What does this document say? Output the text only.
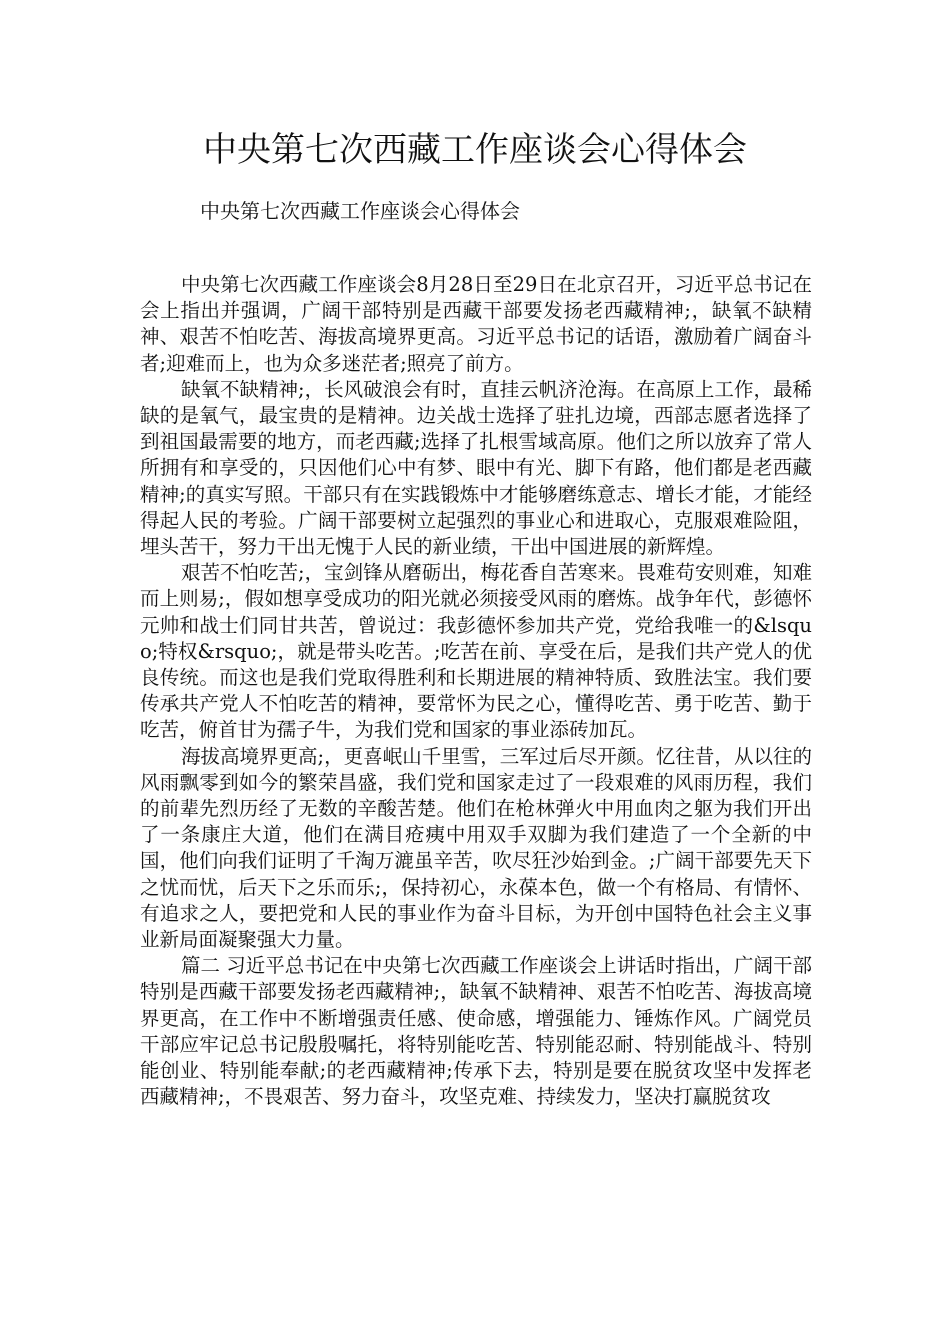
中央第七次西藏工作座谈会心得体会
中央第七次西藏工作座谈会心得体会

中央第七次西藏工作座谈会8月28日至29日在北京召开，习近平总书记在会上指出并强调，广阔干部特别是西藏干部要发扬老西藏精神;，缺氧不缺精神、艰苦不怕吃苦、海拔高境界更高。习近平总书记的话语，激励着广阔奋斗者;迎难而上，也为众多迷茫者;照亮了前方。

缺氧不缺精神;，长风破浪会有时，直挂云帆济沧海。在高原上工作，最稀缺的是氧气，最宝贵的是精神。边关战士选择了驻扎边境，西部志愿者选择了到祖国最需要的地方，而老西藏;选择了扎根雪域高原。他们之所以放弃了常人所拥有和享受的，只因他们心中有梦、眼中有光、脚下有路，他们都是老西藏精神;的真实写照。干部只有在实践锻炼中才能够磨练意志、增长才能，才能经得起人民的考验。广阔干部要树立起强烈的事业心和进取心，克服艰难险阻，埋头苦干，努力干出无愧于人民的新业绩，干出中国进展的新辉煌。

艰苦不怕吃苦;，宝剑锋从磨砺出，梅花香自苦寒来。畏难苟安则难，知难而上则易;，假如想享受成功的阳光就必须接受风雨的磨炼。战争年代，彭德怀元帅和战士们同甘共苦，曾说过：我彭德怀参加共产党，党给我唯一的&lsquo;特权&rsquo;，就是带头吃苦。;吃苦在前、享受在后，是我们共产党人的优良传统。而这也是我们党取得胜利和长期进展的精神特质、致胜法宝。我们要传承共产党人不怕吃苦的精神，要常怀为民之心，懂得吃苦、勇于吃苦、勤于吃苦，俯首甘为孺子牛，为我们党和国家的事业添砖加瓦。

海拔高境界更高;，更喜岷山千里雪，三军过后尽开颜。忆往昔，从以往的风雨飘零到如今的繁荣昌盛，我们党和国家走过了一段艰难的风雨历程，我们的前辈先烈历经了无数的辛酸苦楚。他们在枪林弹火中用血肉之躯为我们开出了一条康庄大道，他们在满目疮痍中用双手双脚为我们建造了一个全新的中国，他们向我们证明了千淘万漉虽辛苦，吹尽狂沙始到金。;广阔干部要先天下之忧而忧，后天下之乐而乐;，保持初心，永葆本色，做一个有格局、有情怀、有追求之人，要把党和人民的事业作为奋斗目标，为开创中国特色社会主义事业新局面凝聚强大力量。

篇二 习近平总书记在中央第七次西藏工作座谈会上讲话时指出，广阔干部特别是西藏干部要发扬老西藏精神;，缺氧不缺精神、艰苦不怕吃苦、海拔高境界更高，在工作中不断增强责任感、使命感，增强能力、锤炼作风。广阔党员干部应牢记总书记殷殷嘱托，将特别能吃苦、特别能忍耐、特别能战斗、特别能创业、特别能奉献;的老西藏精神;传承下去，特别是要在脱贫攻坚中发挥老西藏精神;，不畏艰苦、努力奋斗，攻坚克难、持续发力，坚决打赢脱贫攻
